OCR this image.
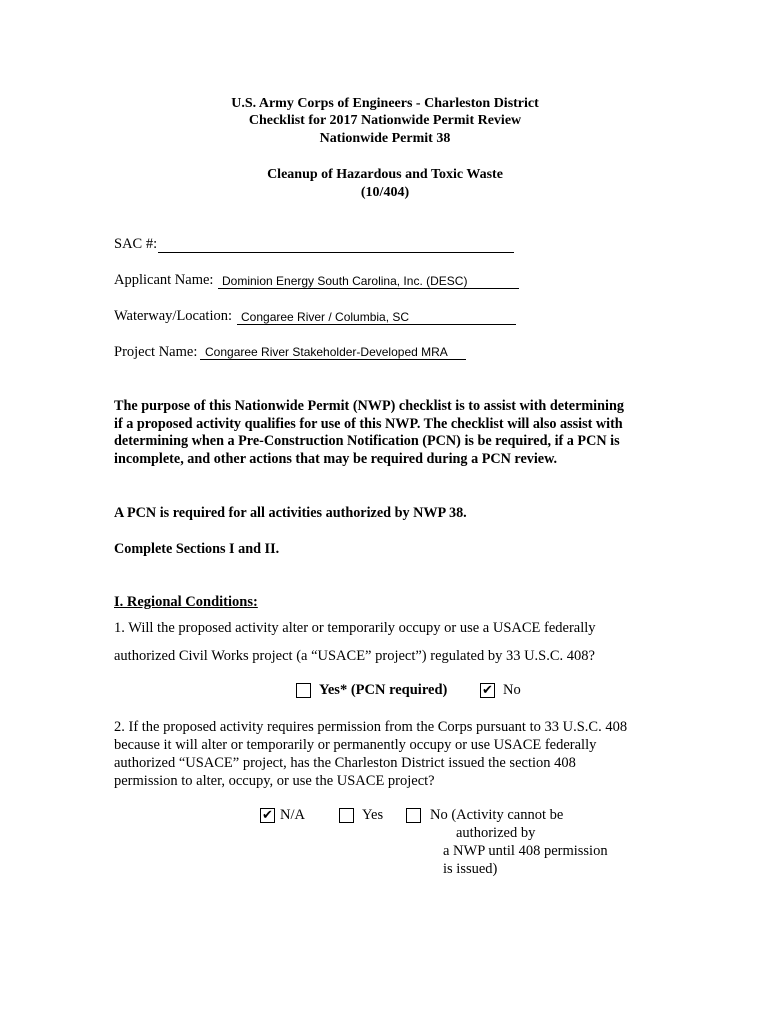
U.S. Army Corps of Engineers - Charleston District
Checklist for 2017 Nationwide Permit Review
Nationwide Permit 38
Cleanup of Hazardous and Toxic Waste
(10/404)
SAC #:
Applicant Name: Dominion Energy South Carolina, Inc. (DESC)
Waterway/Location: Congaree River / Columbia, SC
Project Name: Congaree River Stakeholder-Developed MRA
The purpose of this Nationwide Permit (NWP) checklist is to assist with determining if a proposed activity qualifies for use of this NWP. The checklist will also assist with determining when a Pre-Construction Notification (PCN) is be required, if a PCN is incomplete, and other actions that may be required during a PCN review.
A PCN is required for all activities authorized by NWP 38.
Complete Sections I and II.
I. Regional Conditions:
1. Will the proposed activity alter or temporarily occupy or use a USACE federally
authorized Civil Works project (a “USACE” project”) regulated by 33 U.S.C. 408?
Yes* (PCN required)	✔ No
2. If the proposed activity requires permission from the Corps pursuant to 33 U.S.C. 408 because it will alter or temporarily or permanently occupy or use USACE federally authorized “USACE” project, has the Charleston District issued the section 408 permission to alter, occupy, or use the USACE project?
✔ N/A	Yes	No (Activity cannot be
authorized by
a NWP until 408 permission
is issued)
